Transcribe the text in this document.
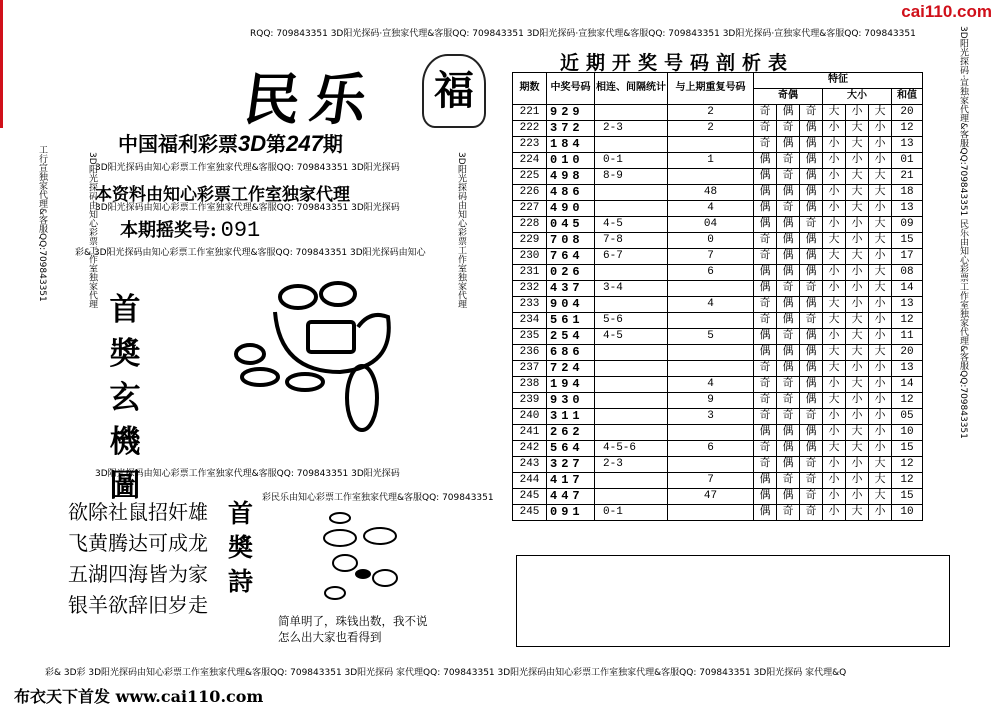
cai110.com
RQQ: 709843351 3D阳光探码·宣独家代理&客服QQ: 709843351 3D阳光探码·宣独家代理&客服QQ: 709843351 3D阳光探码·宣独家代理&客服QQ: 709843351
工行宣独家代理&客服QQ:709843351	3D阳光探码·宣独家代理&客服QQ:709843351 民乐由知心彩票工作室独家代理&客服QQ:709843351
3D阳光探码由知心彩票工作室独家代理	3D阳光探码由知心彩票工作室独家代理
民乐	福
中国福利彩票3D第247期
3D阳光探码由知心彩票工作室独家代理&客服QQ: 709843351 3D阳光探码
本资料由知心彩票工作室独家代理
3D阳光探码由知心彩票工作室独家代理&客服QQ: 709843351 3D阳光探码
本期摇奖号: 091
彩& 3D阳光探码由知心彩票工作室独家代理&客服QQ: 709843351 3D阳光探码由知心
首
奬
玄
機
圖
3D阳光探码由知心彩票工作室独家代理&客服QQ: 709843351 3D阳光探码
欲除社鼠招奸雄
飞黄腾达可成龙
五湖四海皆为家
银羊欲辞旧岁走
首
奬
詩
彩民乐由知心彩票工作室独家代理&客服QQ: 709843351
简单明了，珠钱出数，我不说
怎么出大家也看得到
彩& 3D彩 3D阳光探码由知心彩票工作室独家代理&客服QQ: 709843351 3D阳光探码 家代理QQ: 709843351 3D阳光探码由知心彩票工作室独家代理&客服QQ: 709843351 3D阳光探码 家代理&Q
布衣天下首发 www.cai110.com
近期开奖号码剖析表
期数	中奖号码	相连、间隔统计	与上期重复号码	特征						
				奇偶			大小			和值
221	929		2	奇	偶	奇	大	小	大	20
222	372	2-3	2	奇	奇	偶	小	大	小	12
223	184			奇	偶	偶	小	大	小	13
224	010	0-1	1	偶	奇	偶	小	小	小	01
225	498	8-9		偶	奇	偶	小	大	大	21
226	486		48	偶	偶	偶	小	大	大	18
227	490		4	偶	奇	偶	小	大	小	13
228	045	4-5	04	偶	偶	奇	小	小	大	09
229	708	7-8	0	奇	偶	偶	大	小	大	15
230	764	6-7	7	奇	偶	偶	大	大	小	17
231	026		6	偶	偶	偶	小	小	大	08
232	437	3-4		偶	奇	奇	小	小	大	14
233	904		4	奇	偶	偶	大	小	小	13
234	561	5-6		奇	偶	奇	大	大	小	12
235	254	4-5	5	偶	奇	偶	小	大	小	11
236	686			偶	偶	偶	大	大	大	20
237	724			奇	偶	偶	大	小	小	13
238	194		4	奇	奇	偶	小	大	小	14
239	930		9	奇	奇	偶	大	小	小	12
240	311		3	奇	奇	奇	小	小	小	05
241	262			偶	偶	偶	小	大	小	10
242	564	4-5-6	6	奇	偶	偶	大	大	小	15
243	327	2-3		奇	偶	奇	小	小	大	12
244	417		7	偶	奇	奇	小	小	大	12
245	447		47	偶	偶	奇	小	小	大	15
245	091	0-1		偶	奇	奇	小	大	小	10
